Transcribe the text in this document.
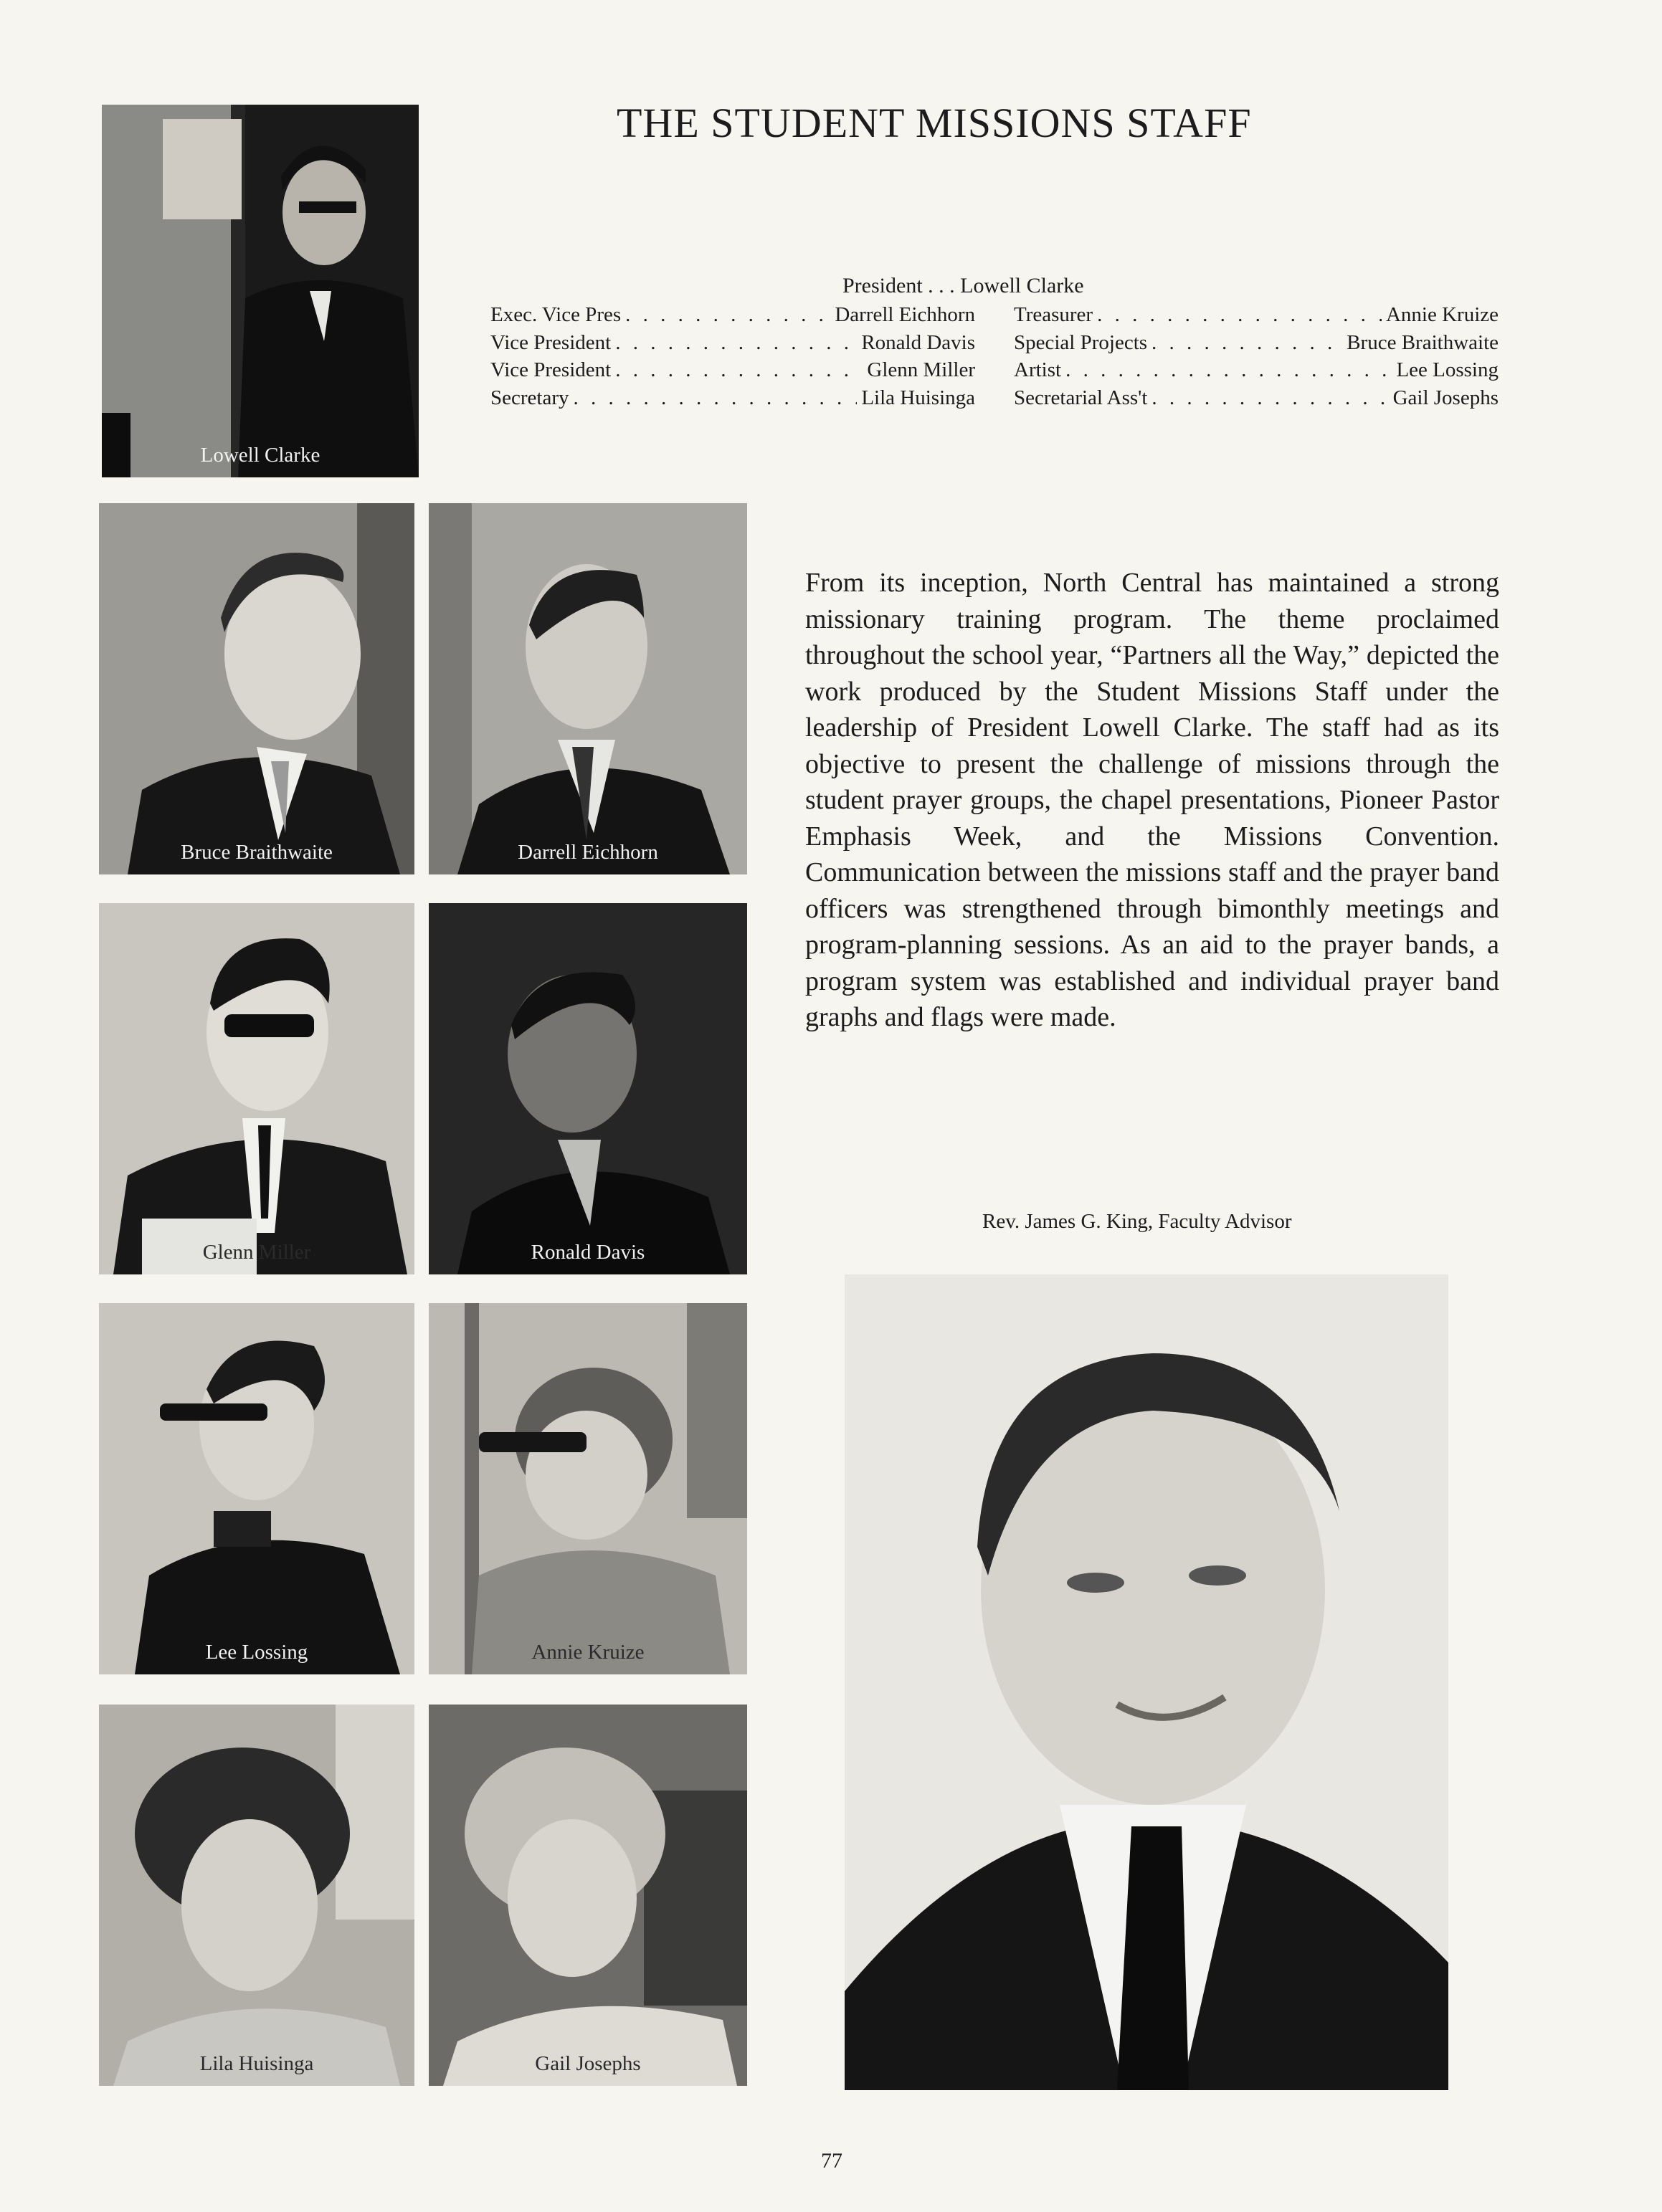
THE STUDENT MISSIONS STAFF
President . . . Lowell Clarke
Exec. Vice Pres . . .	Darrell Eichhorn
Vice President . . .	Ronald Davis
Vice President . . .	Glenn Miller
Secretary . . .	Lila Huisinga
Treasurer . . .	Annie Kruize
Special Projects . . .	Bruce Braithwaite
Artist . . .	Lee Lossing
Secretarial Ass't . . .	Gail Josephs
From its inception, North Central has maintained a strong missionary training program. The theme proclaimed throughout the school year, “Partners all the Way,” depicted the work produced by the Student Missions Staff under the leadership of President Lowell Clarke. The staff had as its objective to present the challenge of missions through the student prayer groups, the chapel presentations, Pioneer Pastor Emphasis Week, and the Missions Convention. Communication between the missions staff and the prayer band officers was strengthened through bimonthly meetings and program-planning sessions. As an aid to the prayer bands, a program system was established and individual prayer band graphs and flags were made.
Lowell Clarke
Bruce Braithwaite	Darrell Eichhorn
Glenn Miller	Ronald Davis
Lee Lossing	Annie Kruize
Lila Huisinga	Gail Josephs
Rev. James G. King, Faculty Advisor
77
